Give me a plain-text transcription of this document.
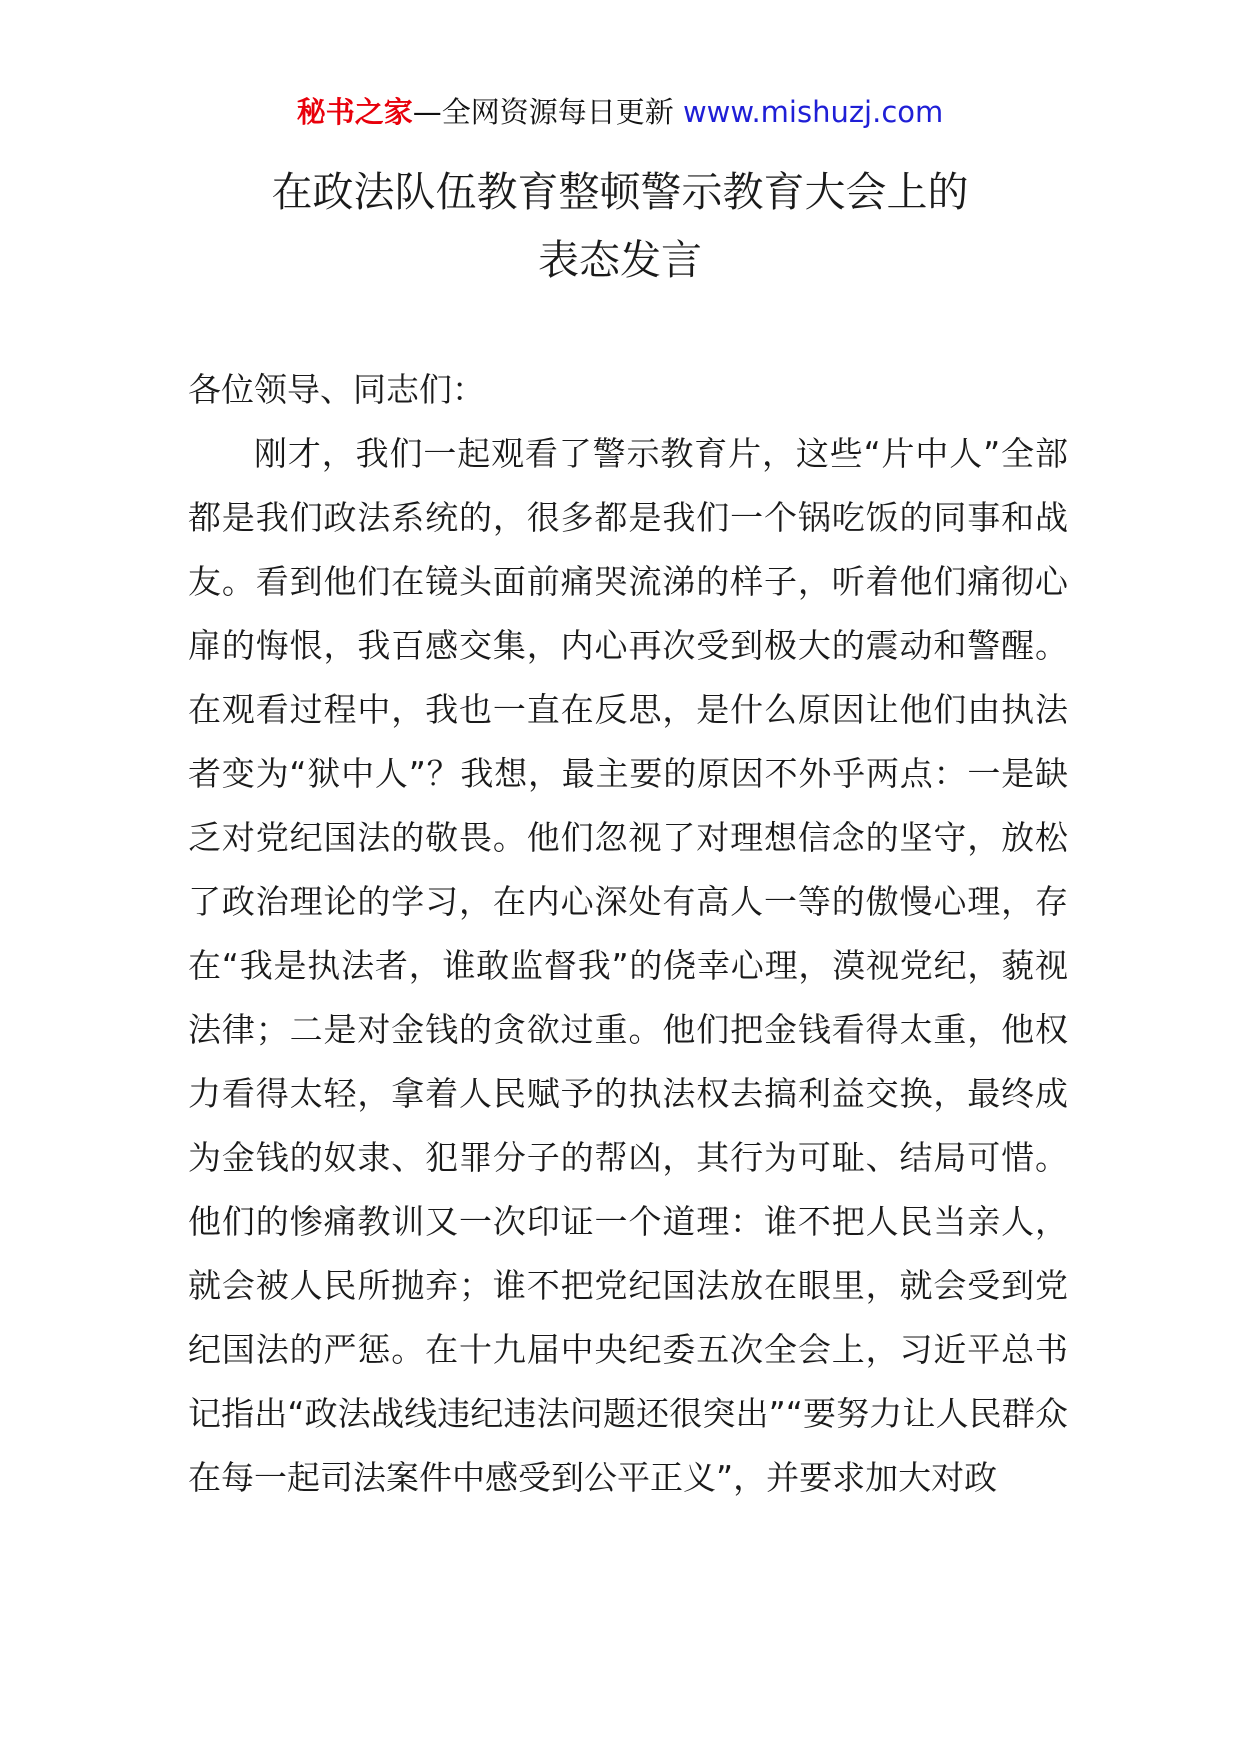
秘书之家—全网资源每日更新 www.mishuzj.com
在政法队伍教育整顿警示教育大会上的
表态发言
各位领导、同志们：
刚才，我们一起观看了警示教育片，这些“片中人”全部都是我们政法系统的，很多都是我们一个锅吃饭的同事和战友。看到他们在镜头面前痛哭流涕的样子，听着他们痛彻心扉的悔恨，我百感交集，内心再次受到极大的震动和警醒。在观看过程中，我也一直在反思，是什么原因让他们由执法者变为“狱中人”？我想，最主要的原因不外乎两点：一是缺乏对党纪国法的敬畏。他们忽视了对理想信念的坚守，放松了政治理论的学习，在内心深处有高人一等的傲慢心理，存在“我是执法者，谁敢监督我”的侥幸心理，漠视党纪，藐视法律；二是对金钱的贪欲过重。他们把金钱看得太重，他权力看得太轻，拿着人民赋予的执法权去搞利益交换，最终成为金钱的奴隶、犯罪分子的帮凶，其行为可耻、结局可惜。他们的惨痛教训又一次印证一个道理：谁不把人民当亲人，就会被人民所抛弃；谁不把党纪国法放在眼里，就会受到党纪国法的严惩。在十九届中央纪委五次全会上，习近平总书记指出“政法战线违纪违法问题还很突出”“要努力让人民群众在每一起司法案件中感受到公平正义”，并要求加大对政
